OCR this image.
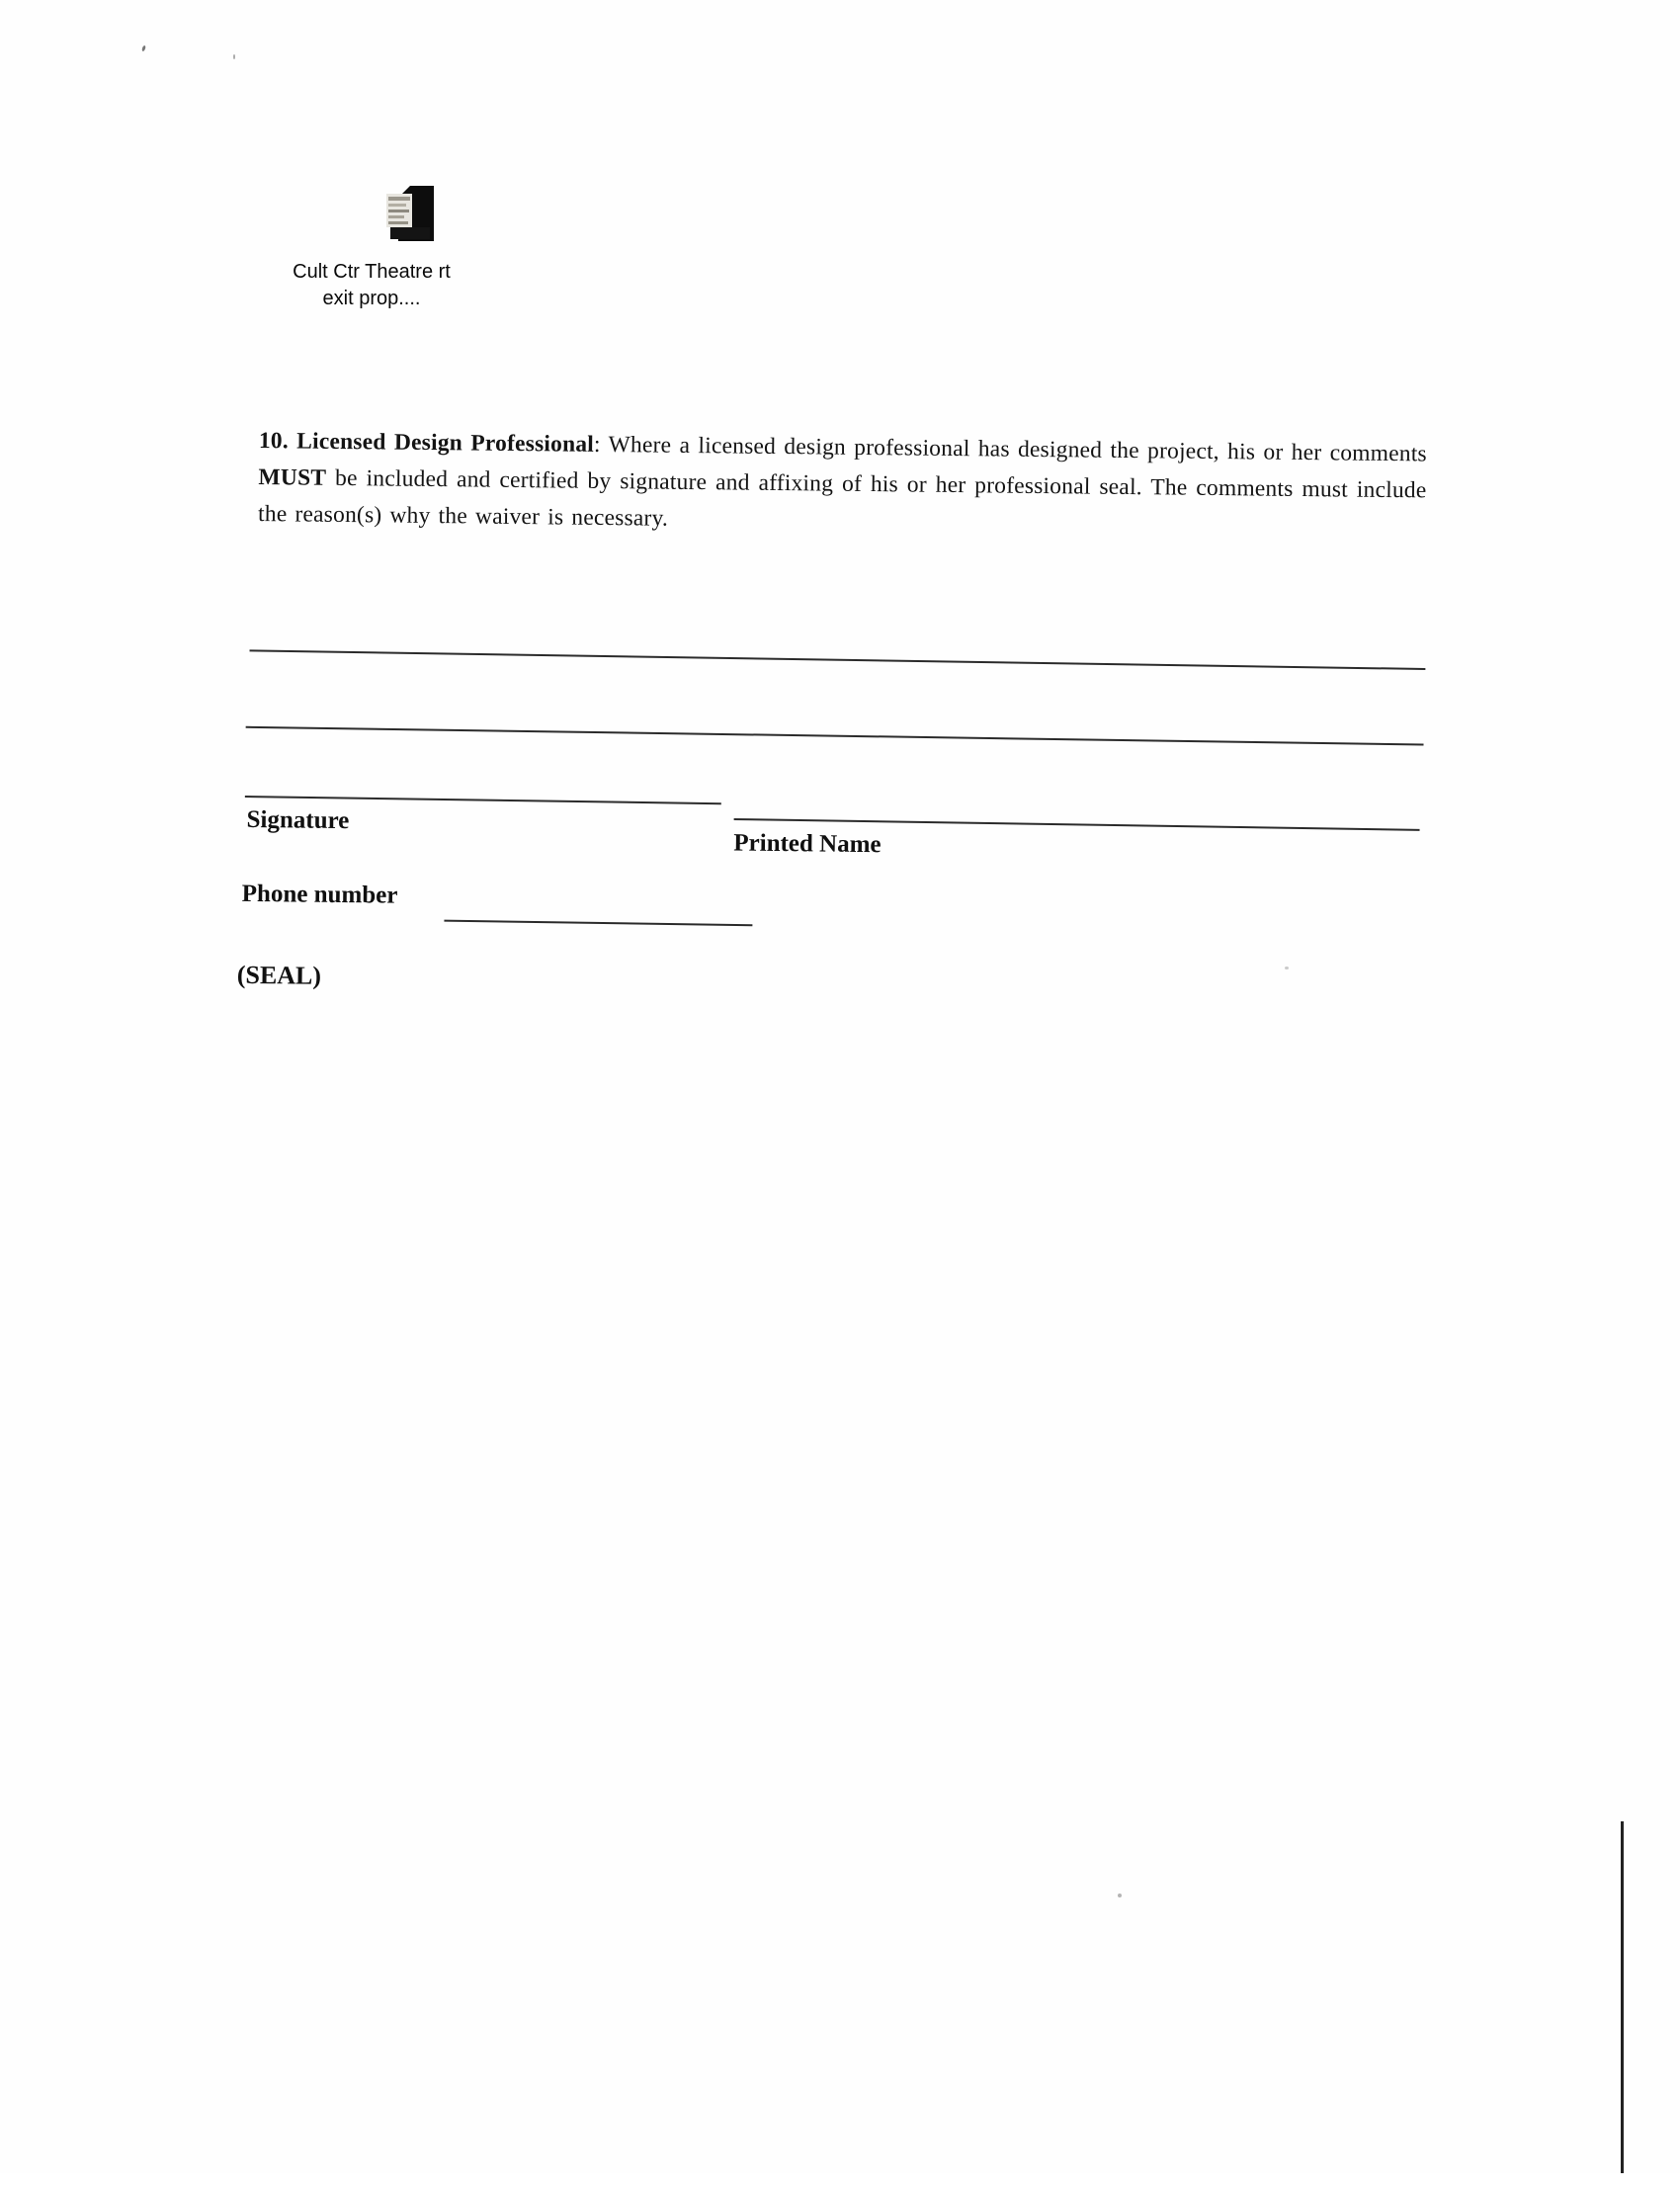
Cult Ctr Theatre rt
exit prop....
10. Licensed Design Professional: Where a licensed design professional has designed the project, his or her comments MUST be included and certified by signature and affixing of his or her professional seal. The comments must include the reason(s) why the waiver is necessary.
Signature
Printed Name
Phone number
(SEAL)
